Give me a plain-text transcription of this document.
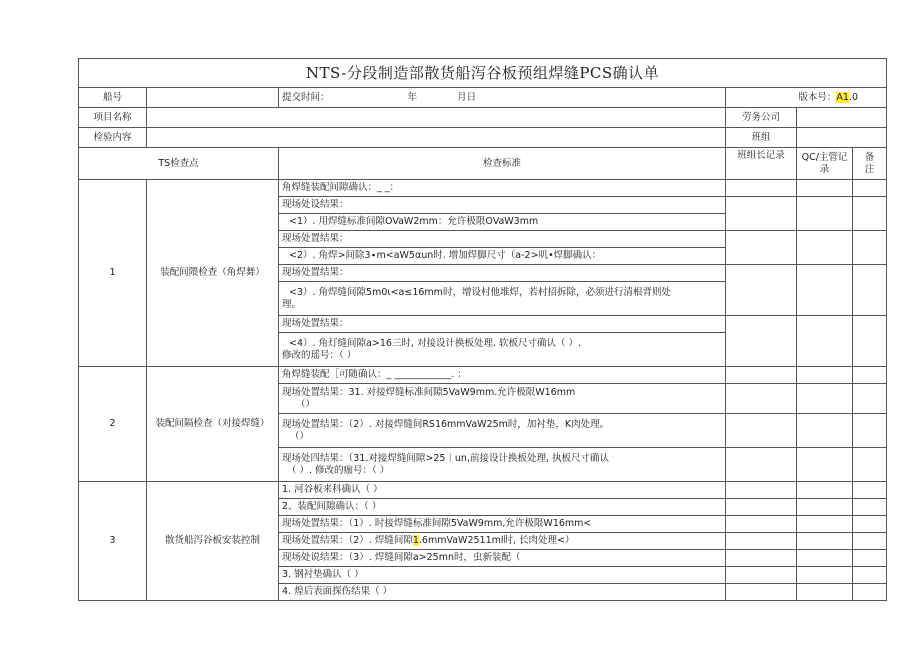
NTS-分段制造部散货船泻谷板预组焊缝PCS确认单					
船号		提交时间： 年 月日	版本号：A1.0		
项目名称			劳务公司		
检验内容			班组		
TS检查点		检查标准	班组长记录	QC/主管记
录	备
注
1	装配间隈检查（角焊舞）	角焊缝装配间隙确认：_ _：			
		现场处设结果：			
		<1）. 用焊缝标准间隙OVaW2mm：允许极限OVaW3mm			
		现场处置结果：			
		<2）. 角焊>间除3∙m<aW5αun时. 增加焊脚尺寸（a-2>叽•焊脚确认：			
		现场处置结果：			
		<3）. 角焊缝间隙5m0ι<a≤16mm时，增设村他堆焊，若村招拆除，必须进行清根背则处
理。			
		现场处置结果：			
		<4）. 角灯缝间隙a>16三时, 对接设计换板处理. 软板尺寸确认（ ）.
修改的瑶号：（ ）			
2	装配间隔检查（对接焊缝）	角焊缝装配［可随确认：_ ____________. ：			
		现场处置结果：31. 对接焊缝标准间隙5VaW9mm.允许极限W16mm
（）			
		现场处置结果：（2）. 对接焊缝间RS16mmVaW25m时，加衬垫，K肉处理。
（）			
		现场处四结果：（31.对接焊缝间隙>25｜un,前接设计换板处理, 执板尺寸确认
（ ）. 修改的痂号：（ ）			
3	散货船泻谷板安装控制	1. 河谷板来科确认（ ）			
		2、装配间隙确认：（ ）			
		现场处置结果：（1）. 时接焊缝标准间隙5VaW9mm,允许极限W16mm<			
		现场处置结果：（2）. 焊缝间隙1.6mmVaW2511ml时, 长肉处理<）			
		现场处说结果：（3）. 焊缝间隙a>25mn时，虫新装配（			
		3. 钢衬垫确认（ ）			
		4. 煌后表面探伤结果（ ）			
